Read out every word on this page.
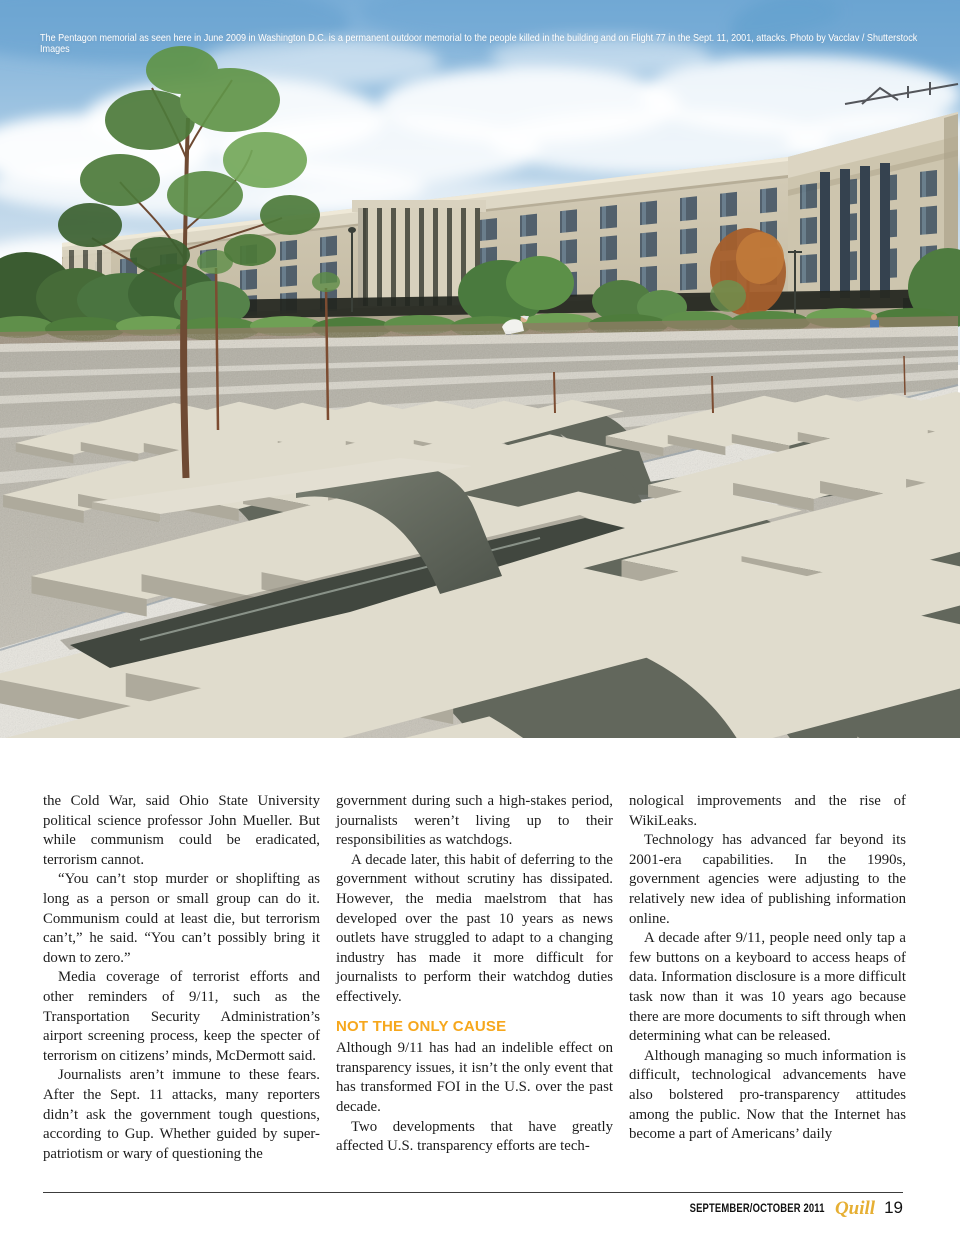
The Pentagon memorial as seen here in June 2009 in Washington D.C. is a permanent outdoor memorial to the people killed in the building and on Flight 77 in the Sept. 11, 2001, attacks. Photo by Vacclav / Shutterstock Images

the Cold War, said Ohio State University political science professor John Mueller. But while communism could be eradicated, terrorism cannot.

“You can’t stop murder or shoplifting as long as a person or small group can do it. Communism could at least die, but terrorism can’t,” he said. “You can’t possibly bring it down to zero.”

Media coverage of terrorist efforts and other reminders of 9/11, such as the Transportation Security Administration’s airport screening process, keep the specter of terrorism on citizens’ minds, McDermott said.

Journalists aren’t immune to these fears. After the Sept. 11 attacks, many reporters didn’t ask the government tough questions, according to Gup. Whether guided by super-patriotism or wary of questioning the

government during such a high-stakes period, journalists weren’t living up to their responsibilities as watchdogs.

A decade later, this habit of deferring to the government without scrutiny has dissipated. However, the media maelstrom that has developed over the past 10 years as news outlets have struggled to adapt to a changing industry has made it more difficult for journalists to perform their watchdog duties effectively.

NOT THE ONLY CAUSE

Although 9/11 has had an indelible effect on transparency issues, it isn’t the only event that has transformed FOI in the U.S. over the past decade.

Two developments that have greatly affected U.S. transparency efforts are tech-

nological improvements and the rise of WikiLeaks.

Technology has advanced far beyond its 2001-era capabilities. In the 1990s, government agencies were adjusting to the relatively new idea of publishing information online.

A decade after 9/11, people need only tap a few buttons on a keyboard to access heaps of data. Information disclosure is a more difficult task now than it was 10 years ago because there are more documents to sift through when determining what can be released.

Although managing so much information is difficult, technological advancements have also bolstered pro-transparency attitudes among the public. Now that the Internet has become a part of Americans’ daily

SEPTEMBER/OCTOBER 2011 Quill 19
